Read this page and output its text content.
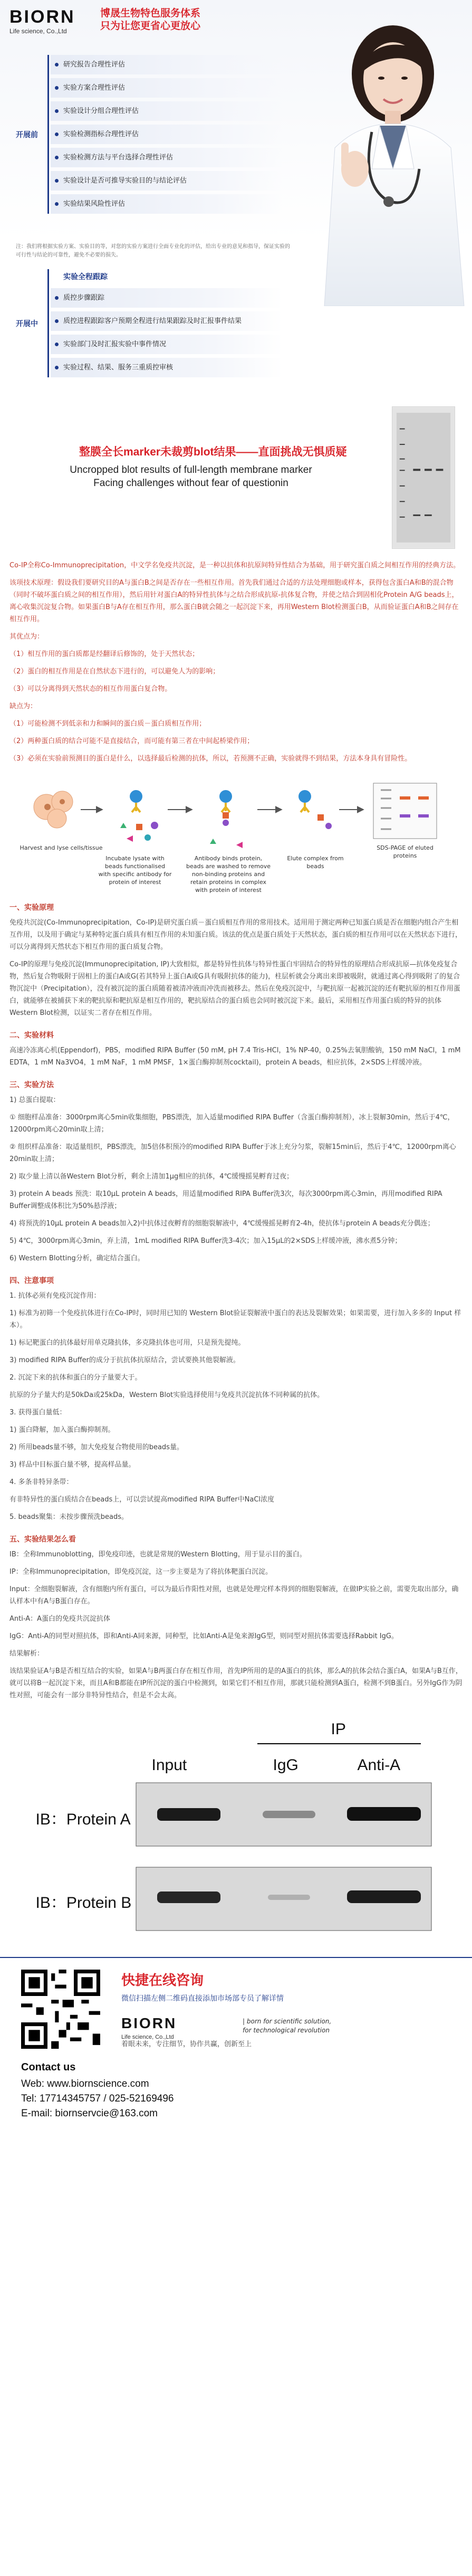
BIORN
Life science, Co.,Ltd
博晟生物特色服务体系
只为让您更省心更放心
开展前
研究报告合理性评估
实验方案合理性评估
实验设计分组合理性评估
实验检测指标合理性评估
实验检测方法与平台选择合理性评估
实验设计是否可推导实验目的与结论评估
实验结果风险性评估
注：我们将根据实验方案、实验目的等，对您的实验方案进行全面专业化的评估，给出专业的意见和指导，保证实验的可行性与结论的可靠性，避免不必要的损失。
开展中
实验全程跟踪
质控步骤跟踪
质控进程跟踪客户预期全程进行结果跟踪及时汇报事件结果
实验部门及时汇报实验中事件情况
实验过程、结果、服务三重质控审核
整膜全长marker未裁剪blot结果——直面挑战无惧质疑
Uncropped blot results of full-length membrane marker
Facing challenges without fear of questionin

Co-IP全称Co-Immunoprecipitation，中文学名免疫共沉淀，是一种以抗体和抗原间特异性结合为基础，用于研究蛋白质之间相互作用的经典方法。

该项技术原理：假设我们要研究目的A与蛋白B之间是否存在一些相互作用。首先我们通过合适的方法处理细胞或样本，获得包含蛋白A和B的混合物（同时不破坏蛋白质之间的相互作用），然后用针对蛋白A的特异性抗体与之结合形成抗原-抗体复合物，并使之结合到固相化Protein A/G beads上，离心收集沉淀复合物。如果蛋白B与A存在相互作用，那么蛋白B就会随之一起沉淀下来，再用Western Blot检测蛋白B，从而验证蛋白A和B之间存在相互作用。

其优点为：

（1）相互作用的蛋白质都是经翻译后修饰的，处于天然状态；

（2）蛋白的相互作用是在自然状态下进行的，可以避免人为的影响；

（3）可以分离得到天然状态的相互作用蛋白复合物。

缺点为：

（1）可能检测不到低亲和力和瞬间的蛋白质－蛋白质相互作用；

（2）两种蛋白质的结合可能不是直接结合，而可能有第三者在中间起桥梁作用；

（3）必须在实验前预测目的蛋白是什么，以选择最后检测的抗体，所以，若预测不正确，实验就得不到结果，方法本身具有冒险性。

Harvest and lyse cells/tissue
Incubate lysate with beads functionalised with specific antibody for protein of interest
Antibody binds protein, beads are washed to remove non-binding proteins and retain proteins in complex with protein of interest
Elute complex from beads
SDS-PAGE of eluted proteins
一、实验原理

免疫共沉淀(Co-Immunoprecipitation，Co-IP)是研究蛋白质－蛋白质相互作用的常用技术。适用用于测定两种已知蛋白质是否在细胞内组合产生相互作用，以及用于确定与某种特定蛋白质具有相互作用的未知蛋白质。该法的优点是蛋白质处于天然状态，蛋白质的相互作用可以在天然状态下进行，可以分离得到天然状态下相互作用的蛋白质复合物。

Co-IP的原理与免疫沉淀(Immunoprecipitation, IP)大致相似，都是特异性抗体与特异性蛋白牢固结合的特异性的原理结合形成抗原—抗体免疫复合物，然后复合物吸附于固相上的蛋白A或G(若其特异上蛋白A或G具有吸附抗体的能力)，柱层析就会分离出来即被吸附，就通过离心得到吸附了的复合物沉淀中（Precipitation），没有被沉淀的蛋白质随着被清冲液而冲洗而被移去。然后在免疫沉淀中，与靶抗原一起被沉淀的还有靶抗原的相互作用蛋白，就能够在被捕获下来的靶抗原和靶抗原是相互作用的，靶抗原结合的蛋白质也会同时被沉淀下来。最后，采用相互作用蛋白质的特异的抗体Western Blot检测，以证实二者存在相互作用。

二、实验材料

高速冷冻离心机(Eppendorf)，PBS，modified RIPA Buffer (50 mM, pH 7.4 Tris-HCl，1% NP-40，0.25%去氧胆酸钠，150 mM NaCl，1 mM EDTA，1 mM Na3VO4，1 mM NaF，1 mM PMSF，1×蛋白酶抑制剂cocktail)，protein A beads，相应抗体，2×SDS上样缓冲液。

三、实验方法

1) 总蛋白提取：

① 细胞样品准备：3000rpm离心5min收集细胞，PBS漂洗，加入适量modified RIPA Buffer（含蛋白酶抑制剂），冰上裂解30min，然后于4℃，12000rpm离心20min取上清；

② 组织样品准备：取适量组织，PBS漂洗，加5倍体积预冷的modified RIPA Buffer于冰上充分匀浆，裂解15min后，然后于4℃，12000rpm离心20min取上清；

2) 取少量上清以备Western Blot分析，剩余上清加1μg相应的抗体，4℃缓慢摇晃孵育过夜；

3) protein A beads 预洗：取10μL protein A beads，用适量modified RIPA Buffer洗3次，每次3000rpm离心3min，再用modified RIPA Buffer调整成体积比为50%悬浮液；

4) 将预洗的10μL protein A beads加入2)中抗体过夜孵育的细胞裂解液中，4℃缓慢摇晃孵育2-4h，使抗体与protein A beads充分偶连；

5) 4℃，3000rpm离心3min，弃上清，1mL modified RIPA Buffer洗3-4次；加入15μL的2×SDS上样缓冲液，沸水煮5分钟；

6) Western Blotting分析，确定结合蛋白。

四、注意事项

1. 抗体必须有免疫沉淀作用：

1) 标准为初筛一个免疫抗体进行在Co-IP时，同时用已知的 Western Blot验证裂解液中蛋白的表达及裂解效果；如果需要，进行加入多多的 Input 样本）。

1) 标记靶蛋白的抗体最好用单克隆抗体，多克隆抗体也可用，只是预先提纯。

3) modified RIPA Buffer的成分于抗抗体抗原结合，尝试要换其他裂解液。

2. 沉淀下来的抗体和蛋白的分子量要大于。

抗原的分子量大约是50kDa或25kDa，Western Blot实验选择使用与免疫共沉淀抗体不同种属的抗体。

3. 获得蛋白量低：

1) 蛋白降解，加入蛋白酶抑制剂。

2) 所用beads量不够，加大免疫复合物使用的beads量。

3) 样品中目标蛋白量不够，提高样品量。

4. 多条非特异条带：

有非特异性的蛋白质结合在beads上，可以尝试提高modified RIPA Buffer中NaCl浓度

5. beads聚集：未按步骤预洗beads。

五、实验结果怎么看

IB：全称Immunoblotting，即免疫印迹，也就是常规的Western Blotting，用于显示目的蛋白。

IP：全称Immunoprecipitation，即免疫沉淀，这一步主要是为了将抗体靶蛋白沉淀。

Input：全细胞裂解液，含有细胞内所有蛋白，可以为最后作阳性对照，也就是处理完样本得到的细胞裂解液，在做IP实验之前，需要先取出部分，确认样本中有A与B蛋白存在。

Anti-A：A蛋白的免疫共沉淀抗体

IgG：Anti-A的同型对照抗体，即和Anti-A同来源，同种型，比如Anti-A是兔来源IgG型，则同型对照抗体需要选择Rabbit IgG。

结果解析：

该结果验证A与B是否相互结合的实验，如果A与B两蛋白存在相互作用，首先IP所用的是的A蛋白的抗体，那么A的抗体会结合蛋白A，如果A与B互作，就可以将B一起沉淀下来，而且A和B都能在IP所沉淀的蛋白中检测到，如果它们不相互作用，那就只能检测到A蛋白，检测不到B蛋白。另外IgG作为阴性对照，可能会有一部分非特异性结合，但是不会太高。

IP
Input	IgG	Anti-A
IB：Protein A
IB：Protein B
快捷在线咨询
微信扫描左侧二维码直接添加市场部专员了解详情
BIORN
Life science, Co.,Ltd
| born for scientific solution,
for technological revolution
着眼未来，专注细节，协作共赢，创新至上
Contact us
Web: www.biornscience.com
Tel: 17714345757 / 025-52169496
E-mail: biornservcie@163.com
